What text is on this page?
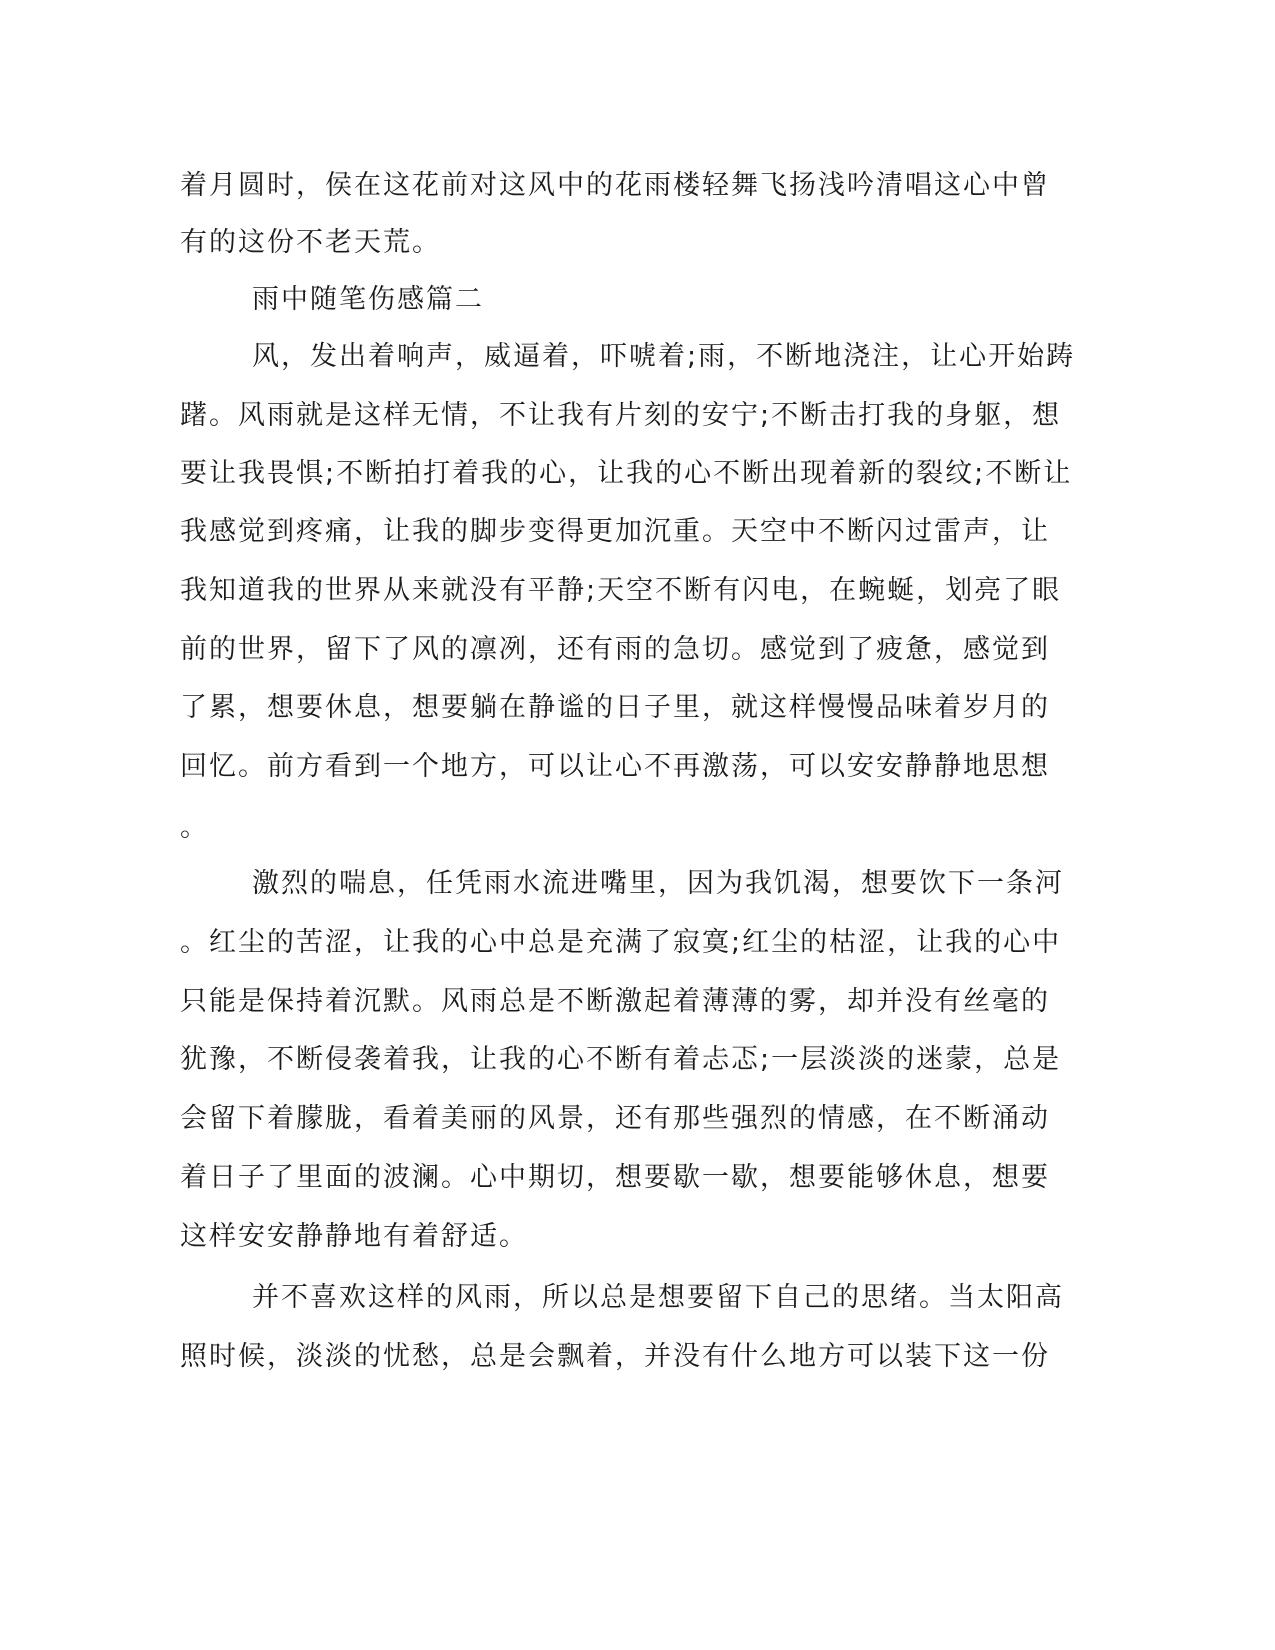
着月圆时，侯在这花前对这风中的花雨楼轻舞飞扬浅吟清唱这心中曾
有的这份不老天荒。
雨中随笔伤感篇二
风，发出着响声，威逼着，吓唬着;雨，不断地浇注，让心开始踌
躇。风雨就是这样无情，不让我有片刻的安宁;不断击打我的身躯，想
要让我畏惧;不断拍打着我的心，让我的心不断出现着新的裂纹;不断让
我感觉到疼痛，让我的脚步变得更加沉重。天空中不断闪过雷声，让
我知道我的世界从来就没有平静;天空不断有闪电，在蜿蜒，划亮了眼
前的世界，留下了风的凛冽，还有雨的急切。感觉到了疲惫，感觉到
了累，想要休息，想要躺在静谧的日子里，就这样慢慢品味着岁月的
回忆。前方看到一个地方，可以让心不再激荡，可以安安静静地思想
。
激烈的喘息，任凭雨水流进嘴里，因为我饥渴，想要饮下一条河
。红尘的苦涩，让我的心中总是充满了寂寞;红尘的枯涩，让我的心中
只能是保持着沉默。风雨总是不断激起着薄薄的雾，却并没有丝毫的
犹豫，不断侵袭着我，让我的心不断有着忐忑;一层淡淡的迷蒙，总是
会留下着朦胧，看着美丽的风景，还有那些强烈的情感，在不断涌动
着日子了里面的波澜。心中期切，想要歇一歇，想要能够休息，想要
这样安安静静地有着舒适。
并不喜欢这样的风雨，所以总是想要留下自己的思绪。当太阳高
照时候，淡淡的忧愁，总是会飘着，并没有什么地方可以装下这一份
